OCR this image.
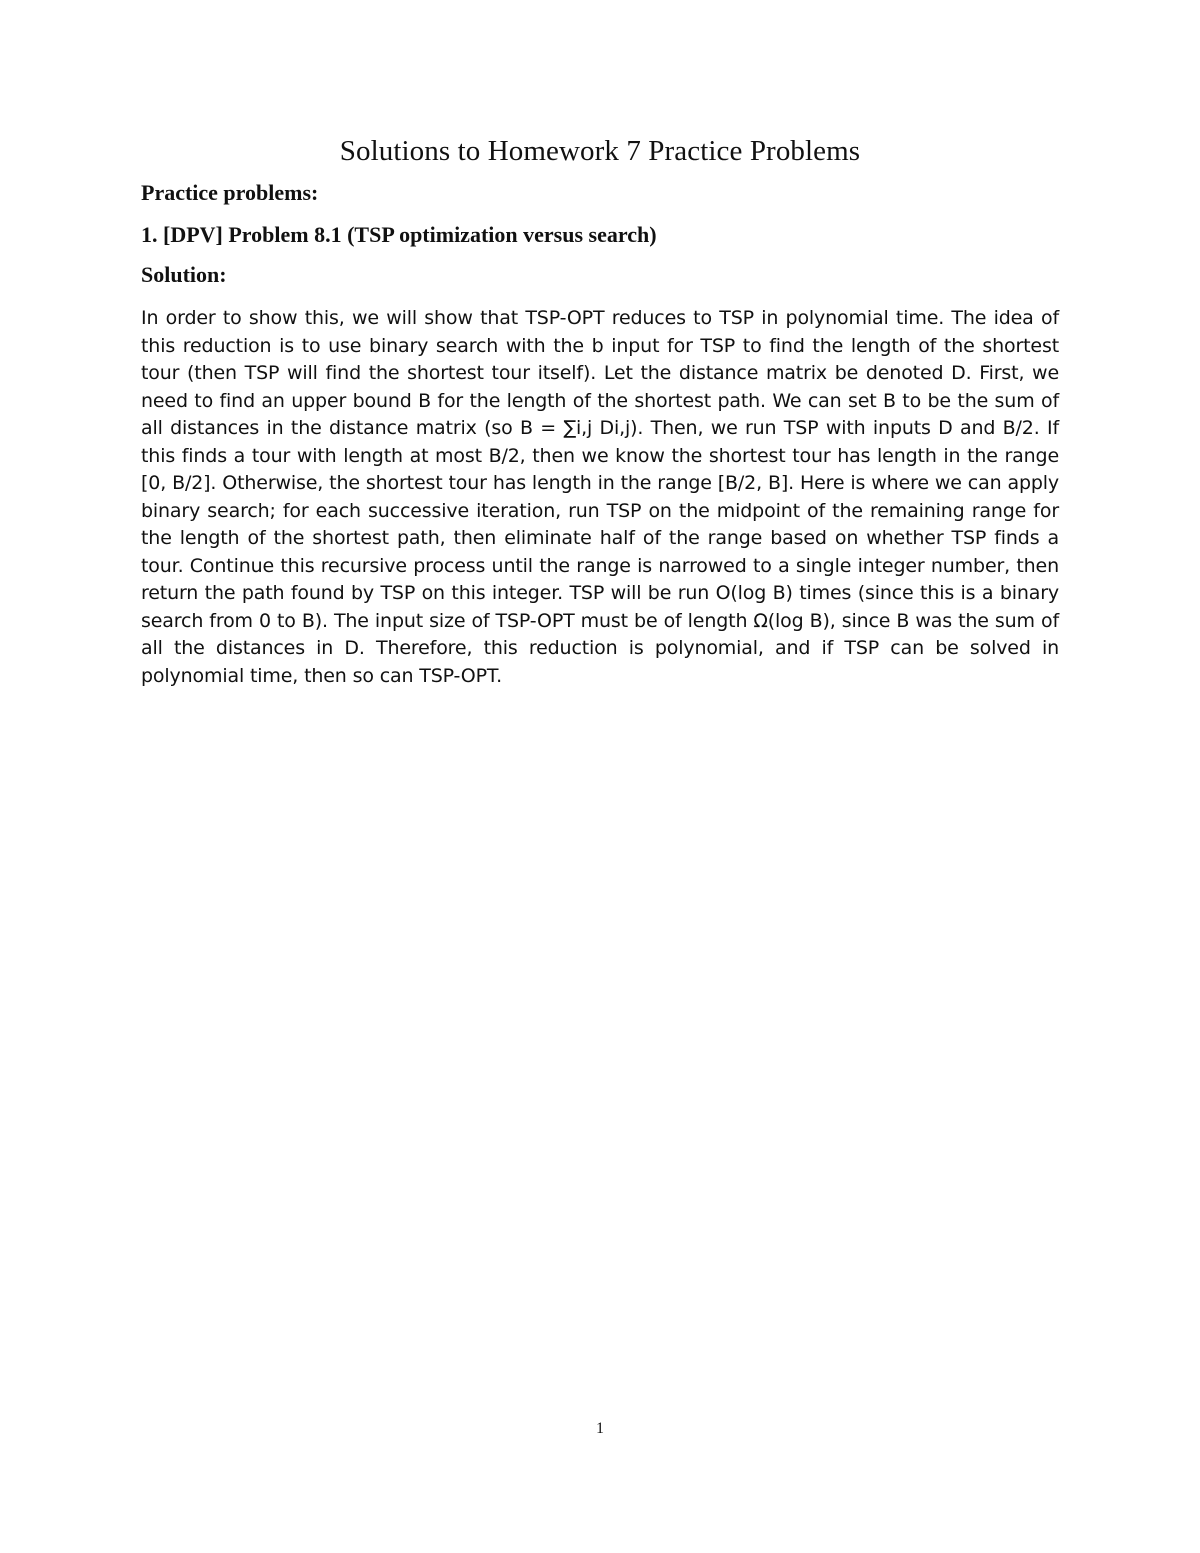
Solutions to Homework 7 Practice Problems
Practice problems:
1. [DPV] Problem 8.1 (TSP optimization versus search)
Solution:
In order to show this, we will show that TSP-OPT reduces to TSP in polynomial time. The idea of this reduction is to use binary search with the b input for TSP to find the length of the shortest tour (then TSP will find the shortest tour itself). Let the distance matrix be denoted D. First, we need to find an upper bound B for the length of the shortest path. We can set B to be the sum of all distances in the distance matrix (so B = ∑i,j Di,j). Then, we run TSP with inputs D and B/2. If this finds a tour with length at most B/2, then we know the shortest tour has length in the range [0, B/2]. Otherwise, the shortest tour has length in the range [B/2, B]. Here is where we can apply binary search; for each successive iteration, run TSP on the midpoint of the remaining range for the length of the shortest path, then eliminate half of the range based on whether TSP finds a tour. Continue this recursive process until the range is narrowed to a single integer number, then return the path found by TSP on this integer. TSP will be run O(log B) times (since this is a binary search from 0 to B). The input size of TSP-OPT must be of length Ω(log B), since B was the sum of all the distances in D. Therefore, this reduction is polynomial, and if TSP can be solved in polynomial time, then so can TSP-OPT.
1
